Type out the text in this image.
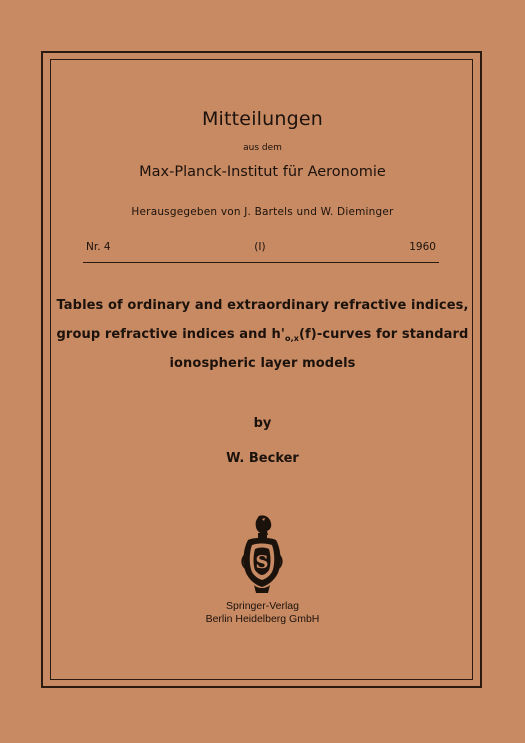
Mitteilungen
aus dem
Max-Planck-Institut für Aeronomie
Herausgegeben von J. Bartels und W. Dieminger
Nr. 4	(I)	1960
Tables of ordinary and extraordinary refractive indices,
group refractive indices and $h'_{o,x}(f)$-curves for standard
ionospheric layer models
by
W. Becker
S
Springer-Verlag
Berlin Heidelberg GmbH
